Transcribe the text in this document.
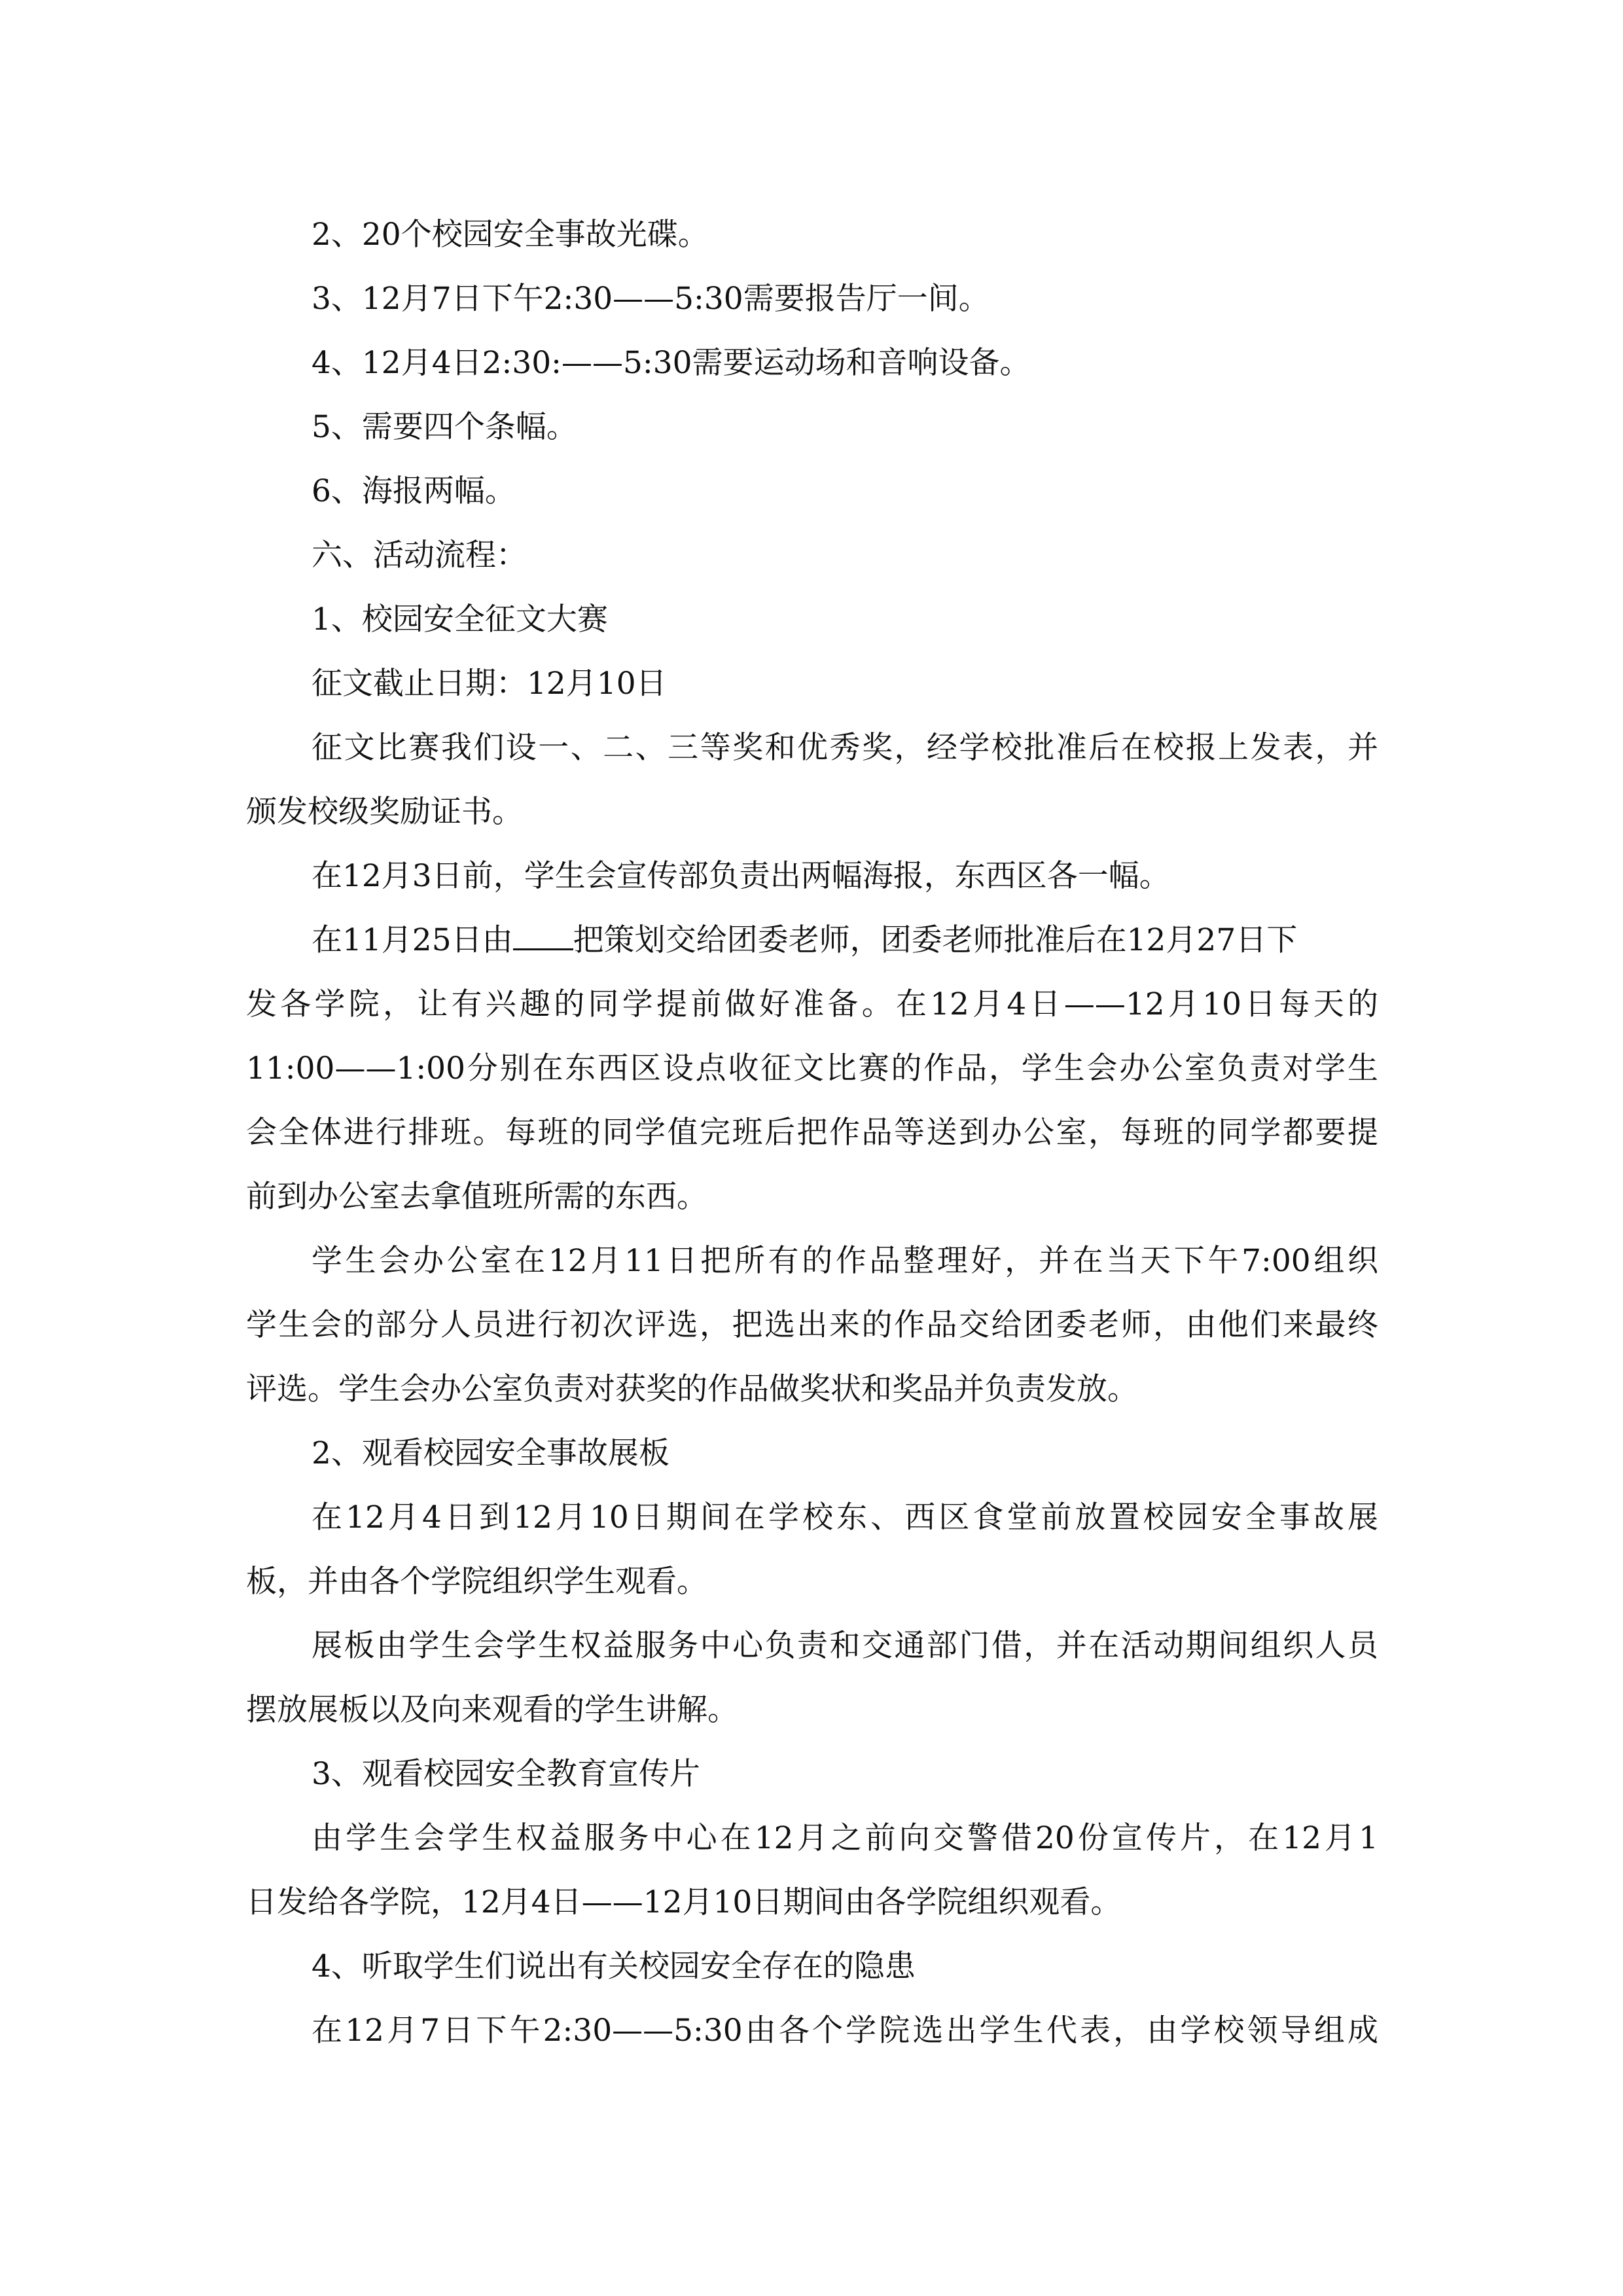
2、20个校园安全事故光碟。
3、12月7日下午2:30——5:30需要报告厅一间。
4、12月4日2:30:——5:30需要运动场和音响设备。
5、需要四个条幅。
6、海报两幅。
六、活动流程：
1、校园安全征文大赛
征文截止日期：12月10日
征文比赛我们设一、二、三等奖和优秀奖，经学校批准后在校报上发表，并
颁发校级奖励证书。
在12月3日前，学生会宣传部负责出两幅海报，东西区各一幅。
在11月25日由 把策划交给团委老师，团委老师批准后在12月27日下
发各学院，让有兴趣的同学提前做好准备。在12月4日——12月10日每天的
11:00——1:00分别在东西区设点收征文比赛的作品，学生会办公室负责对学生
会全体进行排班。每班的同学值完班后把作品等送到办公室，每班的同学都要提
前到办公室去拿值班所需的东西。
学生会办公室在12月11日把所有的作品整理好，并在当天下午7:00组织
学生会的部分人员进行初次评选，把选出来的作品交给团委老师，由他们来最终
评选。学生会办公室负责对获奖的作品做奖状和奖品并负责发放。
2、观看校园安全事故展板
在12月4日到12月10日期间在学校东、西区食堂前放置校园安全事故展
板，并由各个学院组织学生观看。
展板由学生会学生权益服务中心负责和交通部门借，并在活动期间组织人员
摆放展板以及向来观看的学生讲解。
3、观看校园安全教育宣传片
由学生会学生权益服务中心在12月之前向交警借20份宣传片，在12月1
日发给各学院，12月4日——12月10日期间由各学院组织观看。
4、听取学生们说出有关校园安全存在的隐患
在12月7日下午2:30——5:30由各个学院选出学生代表，由学校领导组成
